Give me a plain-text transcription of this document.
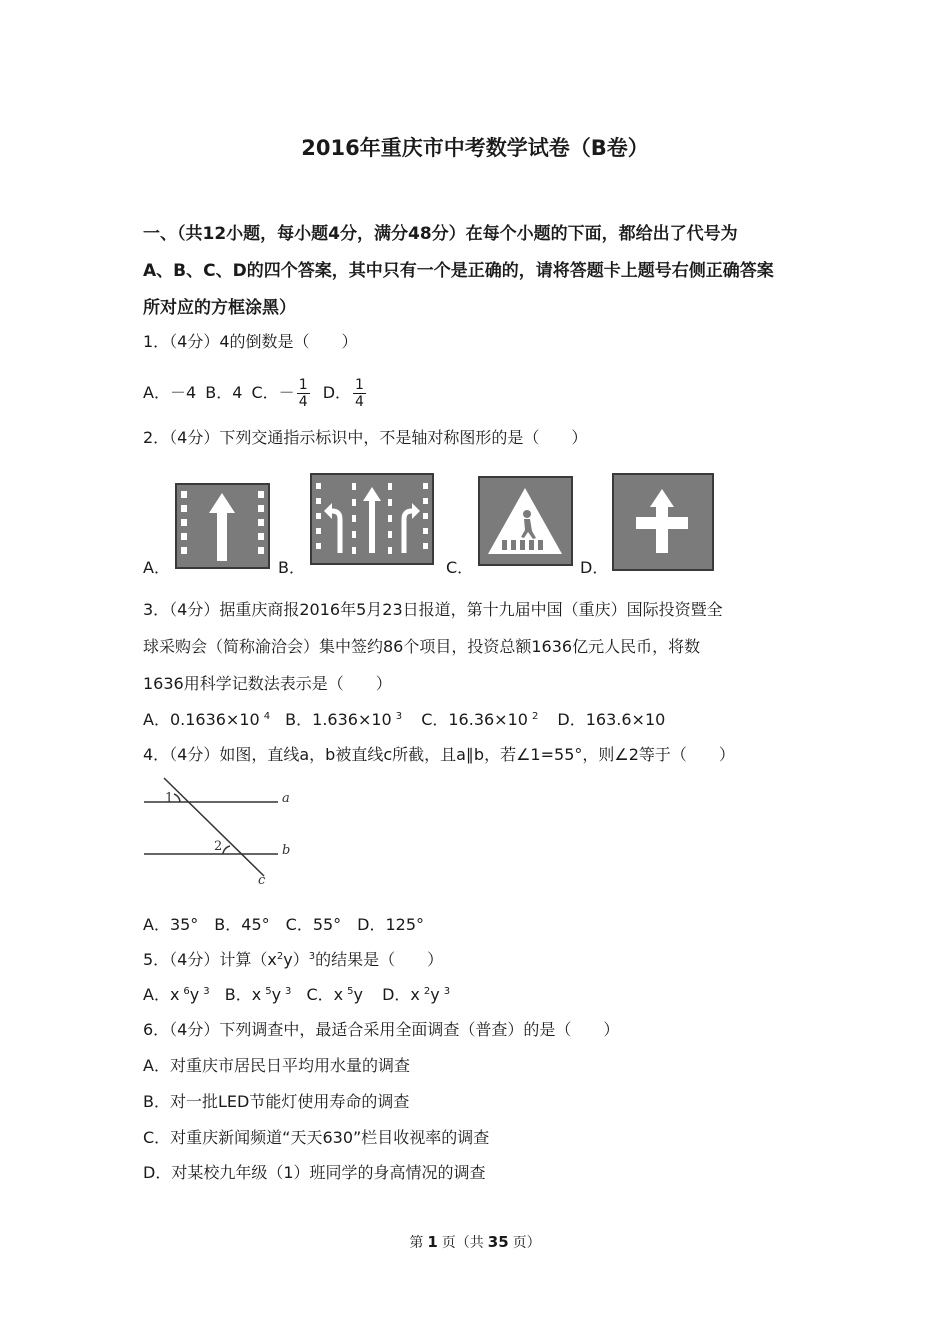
2016年重庆市中考数学试卷（B卷）
一、（共12小题，每小题4分，满分48分）在每个小题的下面，都给出了代号为
A、B、C、D的四个答案，其中只有一个是正确的，请将答题卡上题号右侧正确答案
所对应的方框涂黑）
1．（4分）4的倒数是（　　）
A．－4 B．4 C．－ $\frac{1}{4}$ D． $\frac{1}{4}$
2．（4分）下列交通指示标识中，不是轴对称图形的是（　　）
A．	B．	C．	D．
3．（4分）据重庆商报2016年5月23日报道，第十九届中国（重庆）国际投资暨全
球采购会（简称渝洽会）集中签约86个项目，投资总额1636亿元人民币，将数
1636用科学记数法表示是（　　）
A．0.1636×10 $^4$ B．1.636×10 $^3$ C．16.36×10 $^2$ D．163.6×10
4．（4分）如图，直线a，b被直线c所截，且a∥b，若∠1=55°，则∠2等于（　　）
1
2
a
b
c
A．35°　B．45°　C．55°　D．125°
5．（4分）计算$(x^2y)^3$的结果是（　　）
A．x $^6$y $^3$ B．x $^5$y $^3$ C．x $^5$y D．x $^2$y $^3$
6．（4分）下列调查中，最适合采用全面调查（普查）的是（　　）
A．对重庆市居民日平均用水量的调查
B．对一批LED节能灯使用寿命的调查
C．对重庆新闻频道“天天630”栏目收视率的调查
D．对某校九年级（1）班同学的身高情况的调查
第 1 页（共 35 页）
